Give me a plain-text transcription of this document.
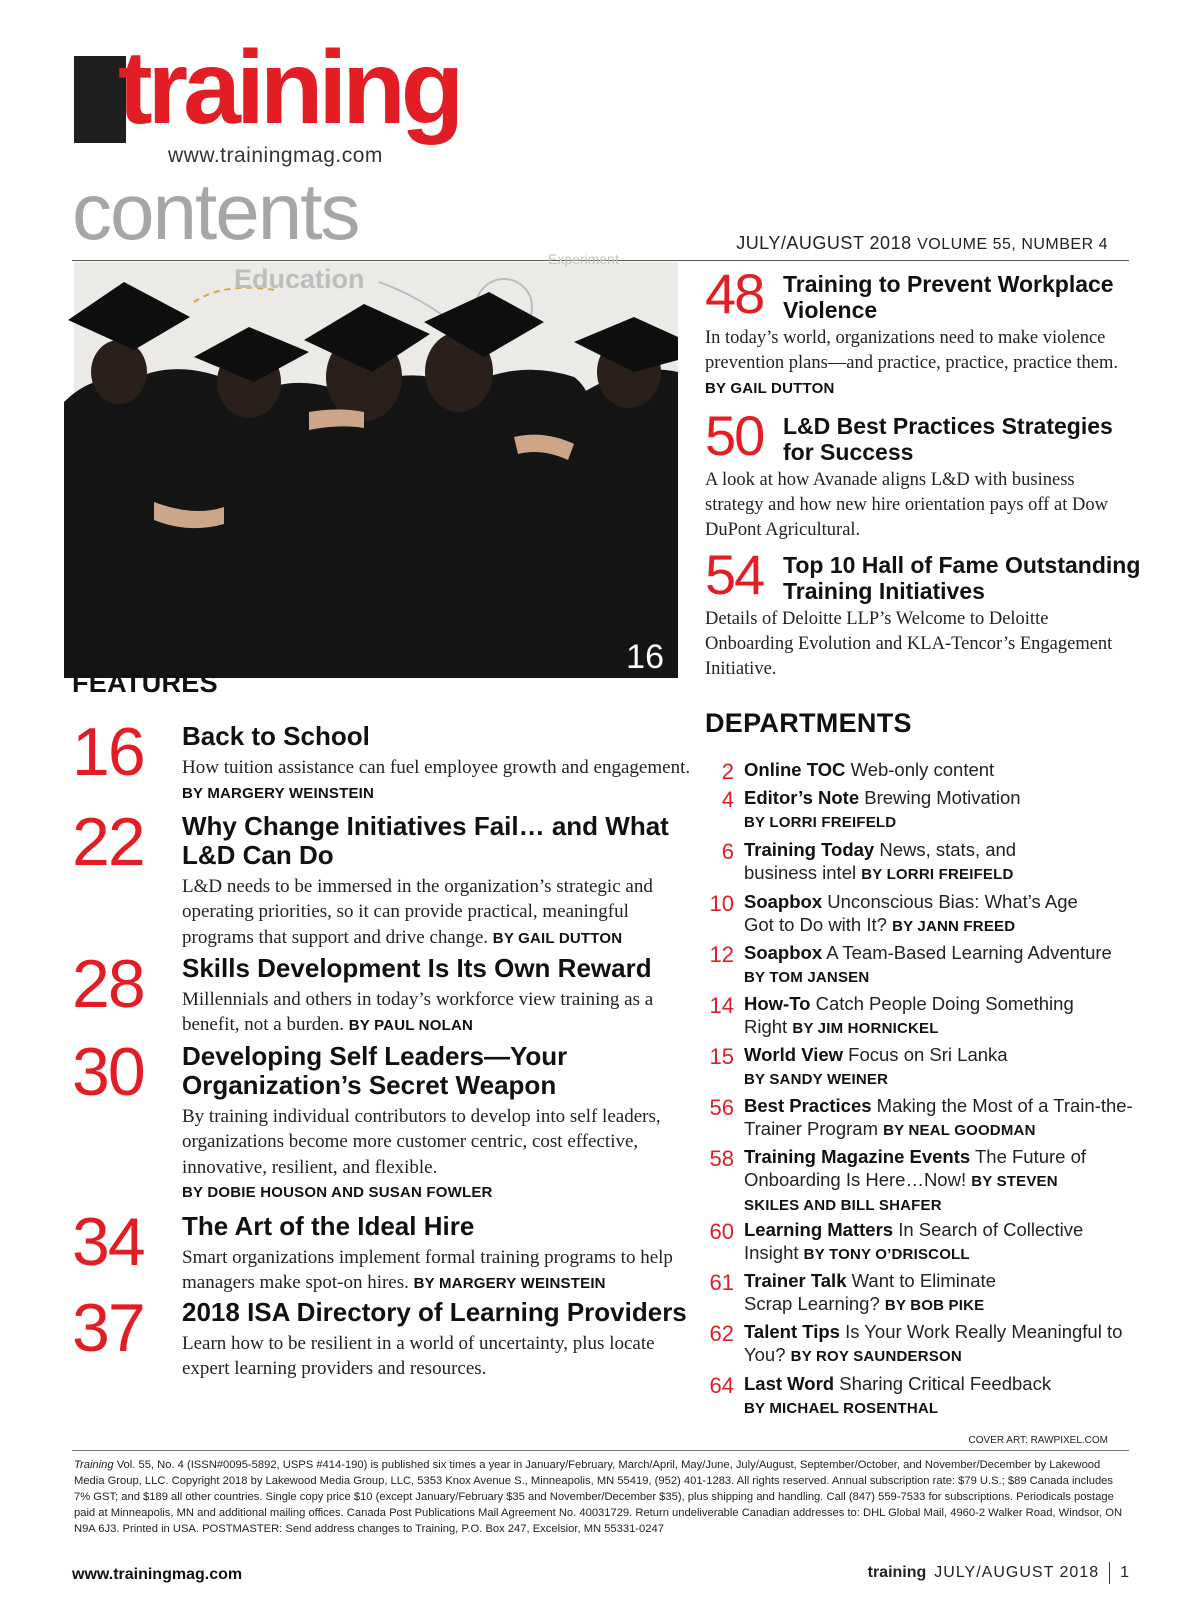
training
www.trainingmag.com
contents	JULY/AUGUST 2018 VOLUME 55, NUMBER 4
Education
Experiment
16
FEATURES
16 Back to School
How tuition assistance can fuel employee growth and engagement. BY MARGERY WEINSTEIN
22 Why Change Initiatives Fail… and What L&D Can Do
L&D needs to be immersed in the organization’s strategic and operating priorities, so it can provide practical, meaningful programs that support and drive change. BY GAIL DUTTON
28 Skills Development Is Its Own Reward
Millennials and others in today’s workforce view training as a benefit, not a burden. BY PAUL NOLAN
30 Developing Self Leaders—Your Organization’s Secret Weapon
By training individual contributors to develop into self leaders, organizations become more customer centric, cost effective, innovative, resilient, and flexible.
BY DOBIE HOUSON AND SUSAN FOWLER
34 The Art of the Ideal Hire
Smart organizations implement formal training programs to help managers make spot-on hires. BY MARGERY WEINSTEIN
37 2018 ISA Directory of Learning Providers
Learn how to be resilient in a world of uncertainty, plus locate expert learning providers and resources.
48 Training to Prevent Workplace Violence
In today’s world, organizations need to make violence prevention plans—and practice, practice, practice them. BY GAIL DUTTON
50 L&D Best Practices Strategies for Success
A look at how Avanade aligns L&D with business strategy and how new hire orientation pays off at Dow DuPont Agricultural.
54 Top 10 Hall of Fame Outstanding Training Initiatives
Details of Deloitte LLP’s Welcome to Deloitte Onboarding Evolution and KLA-Tencor’s Engagement Initiative.
DEPARTMENTS
2 Online TOC Web-only content
4 Editor’s Note Brewing Motivation
BY LORRI FREIFELD
6 Training Today News, stats, and business intel BY LORRI FREIFELD
10 Soapbox Unconscious Bias: What’s Age Got to Do with It? BY JANN FREED
12 Soapbox A Team-Based Learning Adventure
BY TOM JANSEN
14 How-To Catch People Doing Something Right BY JIM HORNICKEL
15 World View Focus on Sri Lanka
BY SANDY WEINER
56 Best Practices Making the Most of a Train-the-Trainer Program BY NEAL GOODMAN
58 Training Magazine Events The Future of Onboarding Is Here…Now! BY STEVEN SKILES AND BILL SHAFER
60 Learning Matters In Search of Collective Insight BY TONY O’DRISCOLL
61 Trainer Talk Want to Eliminate Scrap Learning? BY BOB PIKE
62 Talent Tips Is Your Work Really Meaningful to You? BY ROY SAUNDERSON
64 Last Word Sharing Critical Feedback
BY MICHAEL ROSENTHAL
COVER ART: RAWPIXEL.COM
Training Vol. 55, No. 4 (ISSN#0095-5892, USPS #414-190) is published six times a year in January/February, March/April, May/June, July/August, September/October, and November/December by Lakewood Media Group, LLC. Copyright 2018 by Lakewood Media Group, LLC, 5353 Knox Avenue S., Minneapolis, MN 55419, (952) 401-1283. All rights reserved. Annual subscription rate: $79 U.S.; $89 Canada includes 7% GST; and $189 all other countries. Single copy price $10 (except January/February $35 and November/December $35), plus shipping and handling. Call (847) 559-7533 for subscriptions. Periodicals postage paid at Minneapolis, MN and additional mailing offices. Canada Post Publications Mail Agreement No. 40031729. Return undeliverable Canadian addresses to: DHL Global Mail, 4960-2 Walker Road, Windsor, ON N9A 6J3. Printed in USA. POSTMASTER: Send address changes to Training, P.O. Box 247, Excelsior, MN 55331-0247
www.trainingmag.com	training JULY/AUGUST 2018 1
